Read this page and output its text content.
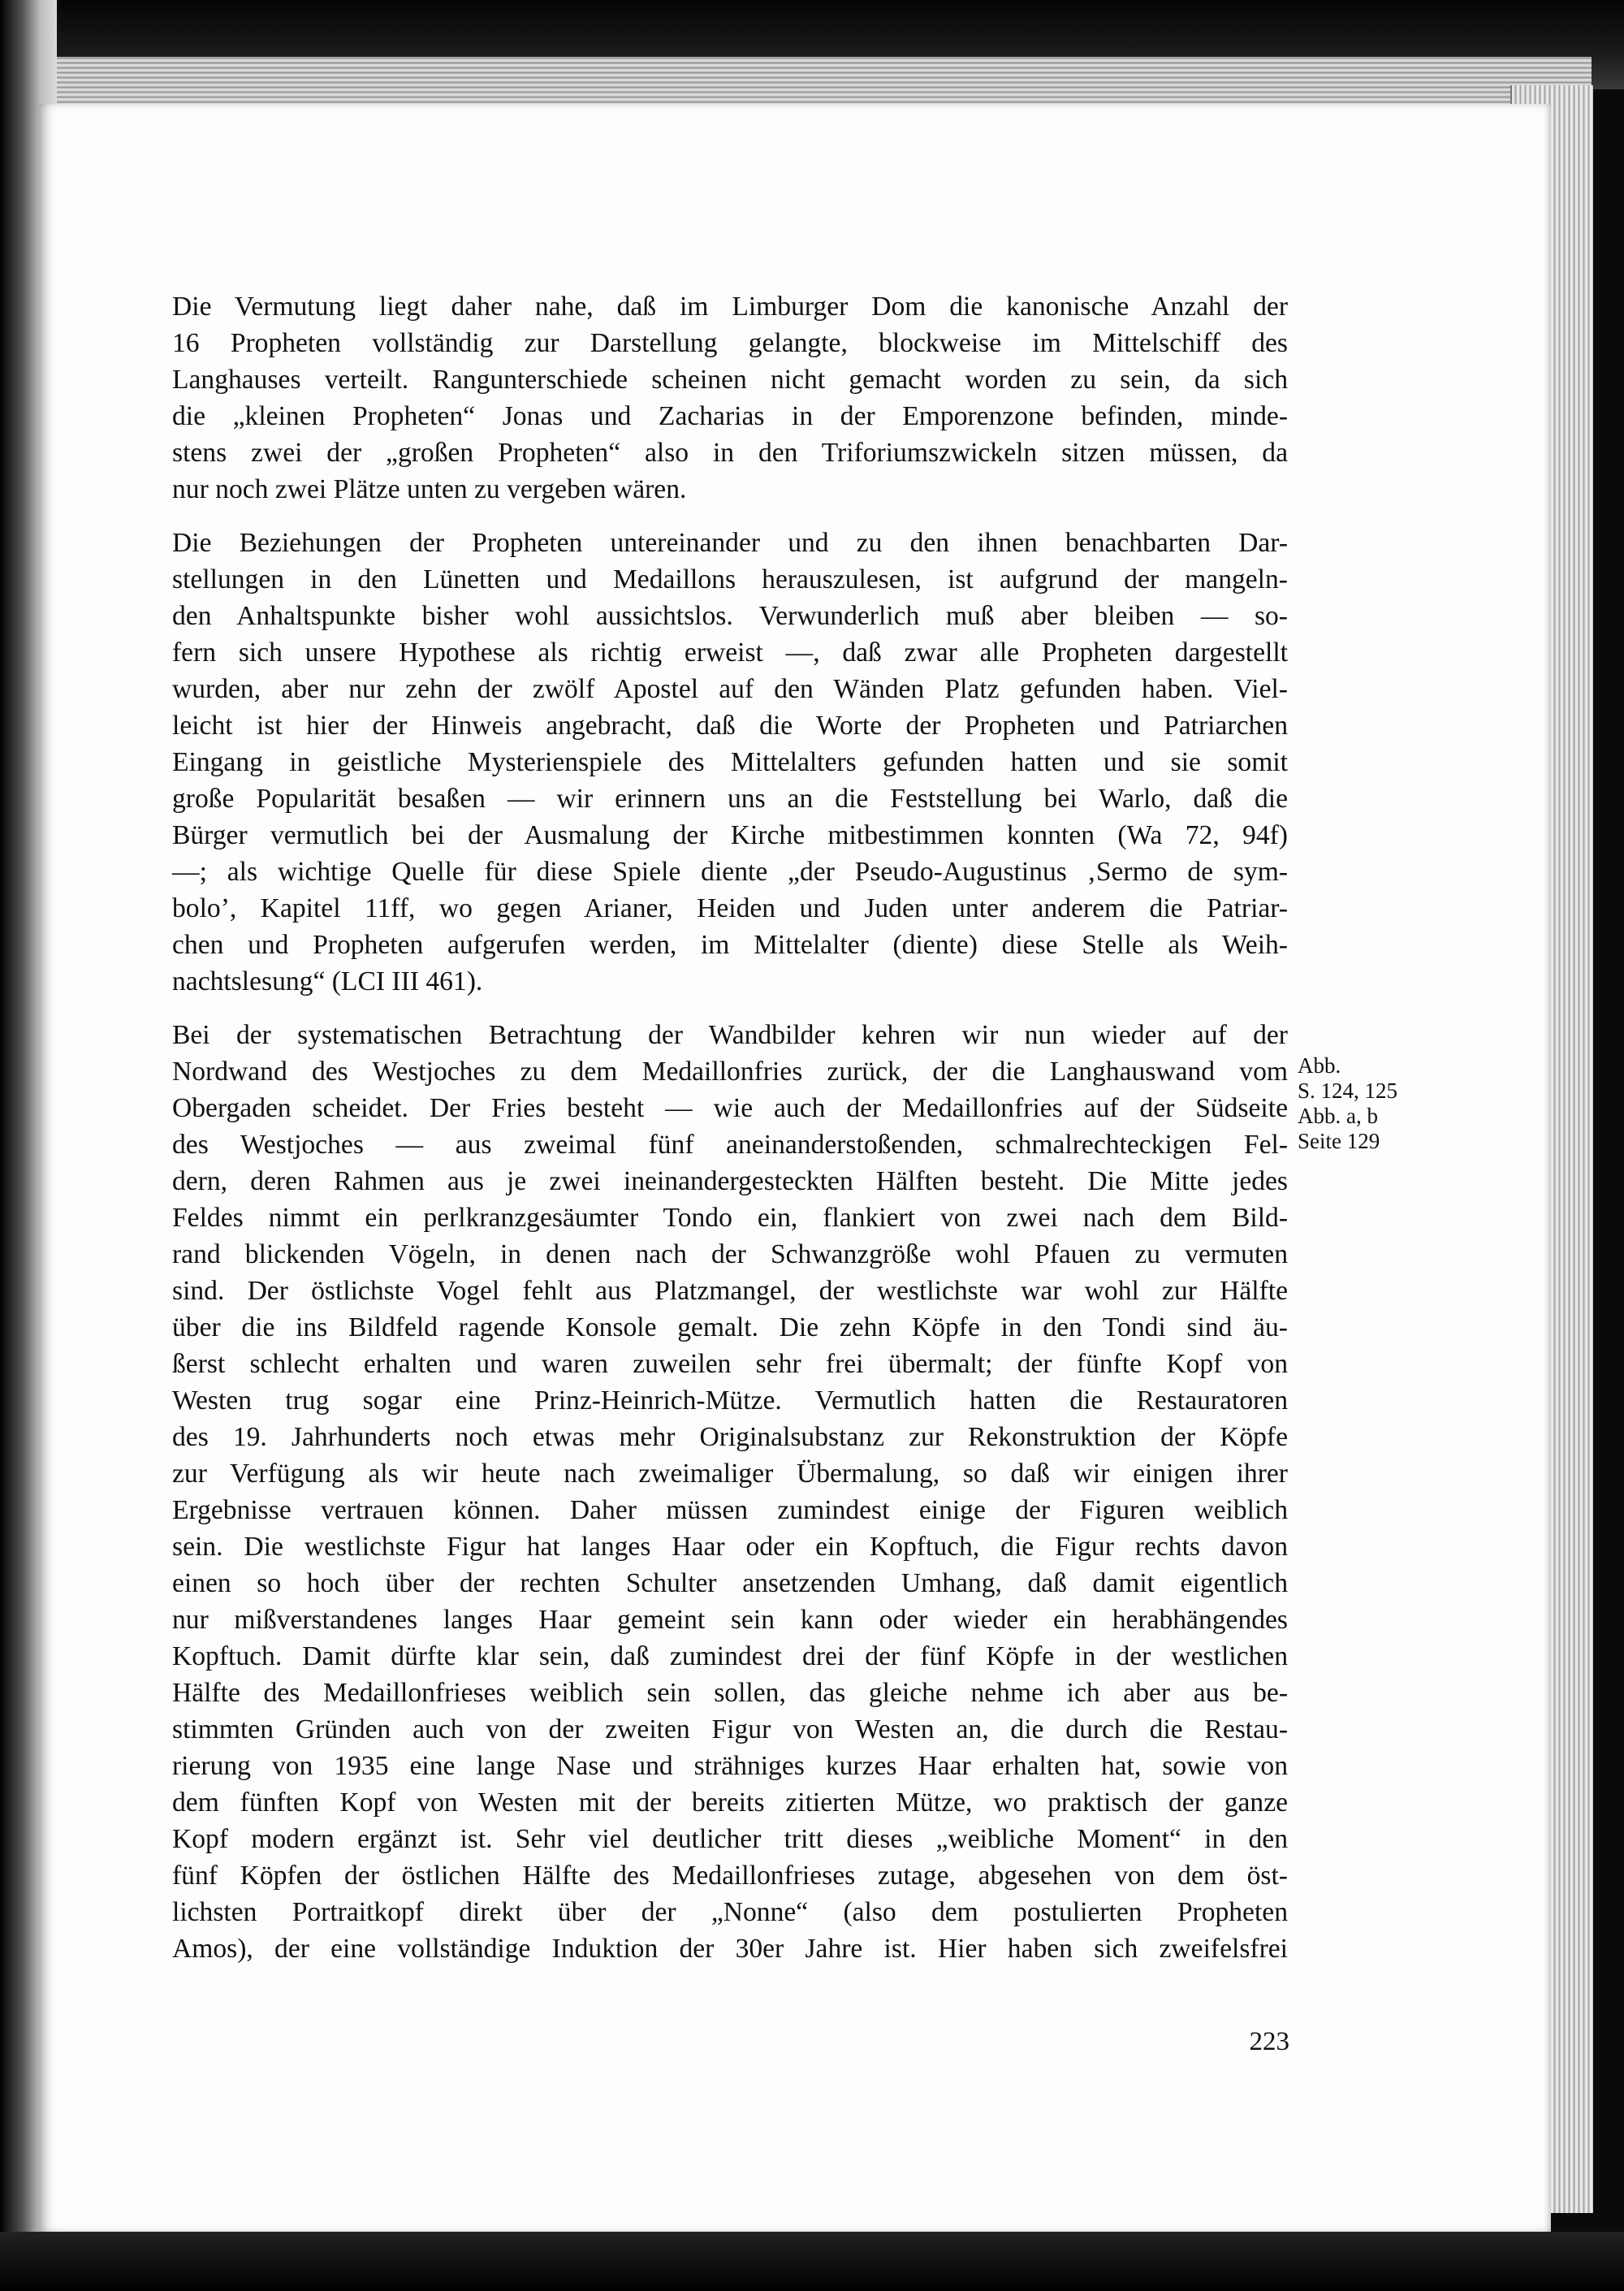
Die Vermutung liegt daher nahe, daß im Limburger Dom die kanonische Anzahl der
16 Propheten vollständig zur Darstellung gelangte, blockweise im Mittelschiff des
Langhauses verteilt. Rangunterschiede scheinen nicht gemacht worden zu sein, da sich
die „kleinen Propheten“ Jonas und Zacharias in der Emporenzone befinden, minde-
stens zwei der „großen Propheten“ also in den Triforiumszwickeln sitzen müssen, da
nur noch zwei Plätze unten zu vergeben wären.

Die Beziehungen der Propheten untereinander und zu den ihnen benachbarten Dar-
stellungen in den Lünetten und Medaillons herauszulesen, ist aufgrund der mangeln-
den Anhaltspunkte bisher wohl aussichtslos. Verwunderlich muß aber bleiben — so-
fern sich unsere Hypothese als richtig erweist —, daß zwar alle Propheten dargestellt
wurden, aber nur zehn der zwölf Apostel auf den Wänden Platz gefunden haben. Viel-
leicht ist hier der Hinweis angebracht, daß die Worte der Propheten und Patriarchen
Eingang in geistliche Mysterienspiele des Mittelalters gefunden hatten und sie somit
große Popularität besaßen — wir erinnern uns an die Feststellung bei Warlo, daß die
Bürger vermutlich bei der Ausmalung der Kirche mitbestimmen konnten (Wa 72, 94f)
—; als wichtige Quelle für diese Spiele diente „der Pseudo-Augustinus ‚Sermo de sym-
bolo’, Kapitel 11ff, wo gegen Arianer, Heiden und Juden unter anderem die Patriar-
chen und Propheten aufgerufen werden, im Mittelalter (diente) diese Stelle als Weih-
nachtslesung“ (LCI III 461).

Bei der systematischen Betrachtung der Wandbilder kehren wir nun wieder auf der
Nordwand des Westjoches zu dem Medaillonfries zurück, der die Langhauswand vom
Obergaden scheidet. Der Fries besteht — wie auch der Medaillonfries auf der Südseite
des Westjoches — aus zweimal fünf aneinanderstoßenden, schmalrechteckigen Fel-
dern, deren Rahmen aus je zwei ineinandergesteckten Hälften besteht. Die Mitte jedes
Feldes nimmt ein perlkranzgesäumter Tondo ein, flankiert von zwei nach dem Bild-
rand blickenden Vögeln, in denen nach der Schwanzgröße wohl Pfauen zu vermuten
sind. Der östlichste Vogel fehlt aus Platzmangel, der westlichste war wohl zur Hälfte
über die ins Bildfeld ragende Konsole gemalt. Die zehn Köpfe in den Tondi sind äu-
ßerst schlecht erhalten und waren zuweilen sehr frei übermalt; der fünfte Kopf von
Westen trug sogar eine Prinz-Heinrich-Mütze. Vermutlich hatten die Restauratoren
des 19. Jahrhunderts noch etwas mehr Originalsubstanz zur Rekonstruktion der Köpfe
zur Verfügung als wir heute nach zweimaliger Übermalung, so daß wir einigen ihrer
Ergebnisse vertrauen können. Daher müssen zumindest einige der Figuren weiblich
sein. Die westlichste Figur hat langes Haar oder ein Kopftuch, die Figur rechts davon
einen so hoch über der rechten Schulter ansetzenden Umhang, daß damit eigentlich
nur mißverstandenes langes Haar gemeint sein kann oder wieder ein herabhängendes
Kopftuch. Damit dürfte klar sein, daß zumindest drei der fünf Köpfe in der westlichen
Hälfte des Medaillonfrieses weiblich sein sollen, das gleiche nehme ich aber aus be-
stimmten Gründen auch von der zweiten Figur von Westen an, die durch die Restau-
rierung von 1935 eine lange Nase und strähniges kurzes Haar erhalten hat, sowie von
dem fünften Kopf von Westen mit der bereits zitierten Mütze, wo praktisch der ganze
Kopf modern ergänzt ist. Sehr viel deutlicher tritt dieses „weibliche Moment“ in den
fünf Köpfen der östlichen Hälfte des Medaillonfrieses zutage, abgesehen von dem öst-
lichsten Portraitkopf direkt über der „Nonne“ (also dem postulierten Propheten
Amos), der eine vollständige Induktion der 30er Jahre ist. Hier haben sich zweifelsfrei

Abb.
S. 124, 125
Abb. a, b
Seite 129
223
